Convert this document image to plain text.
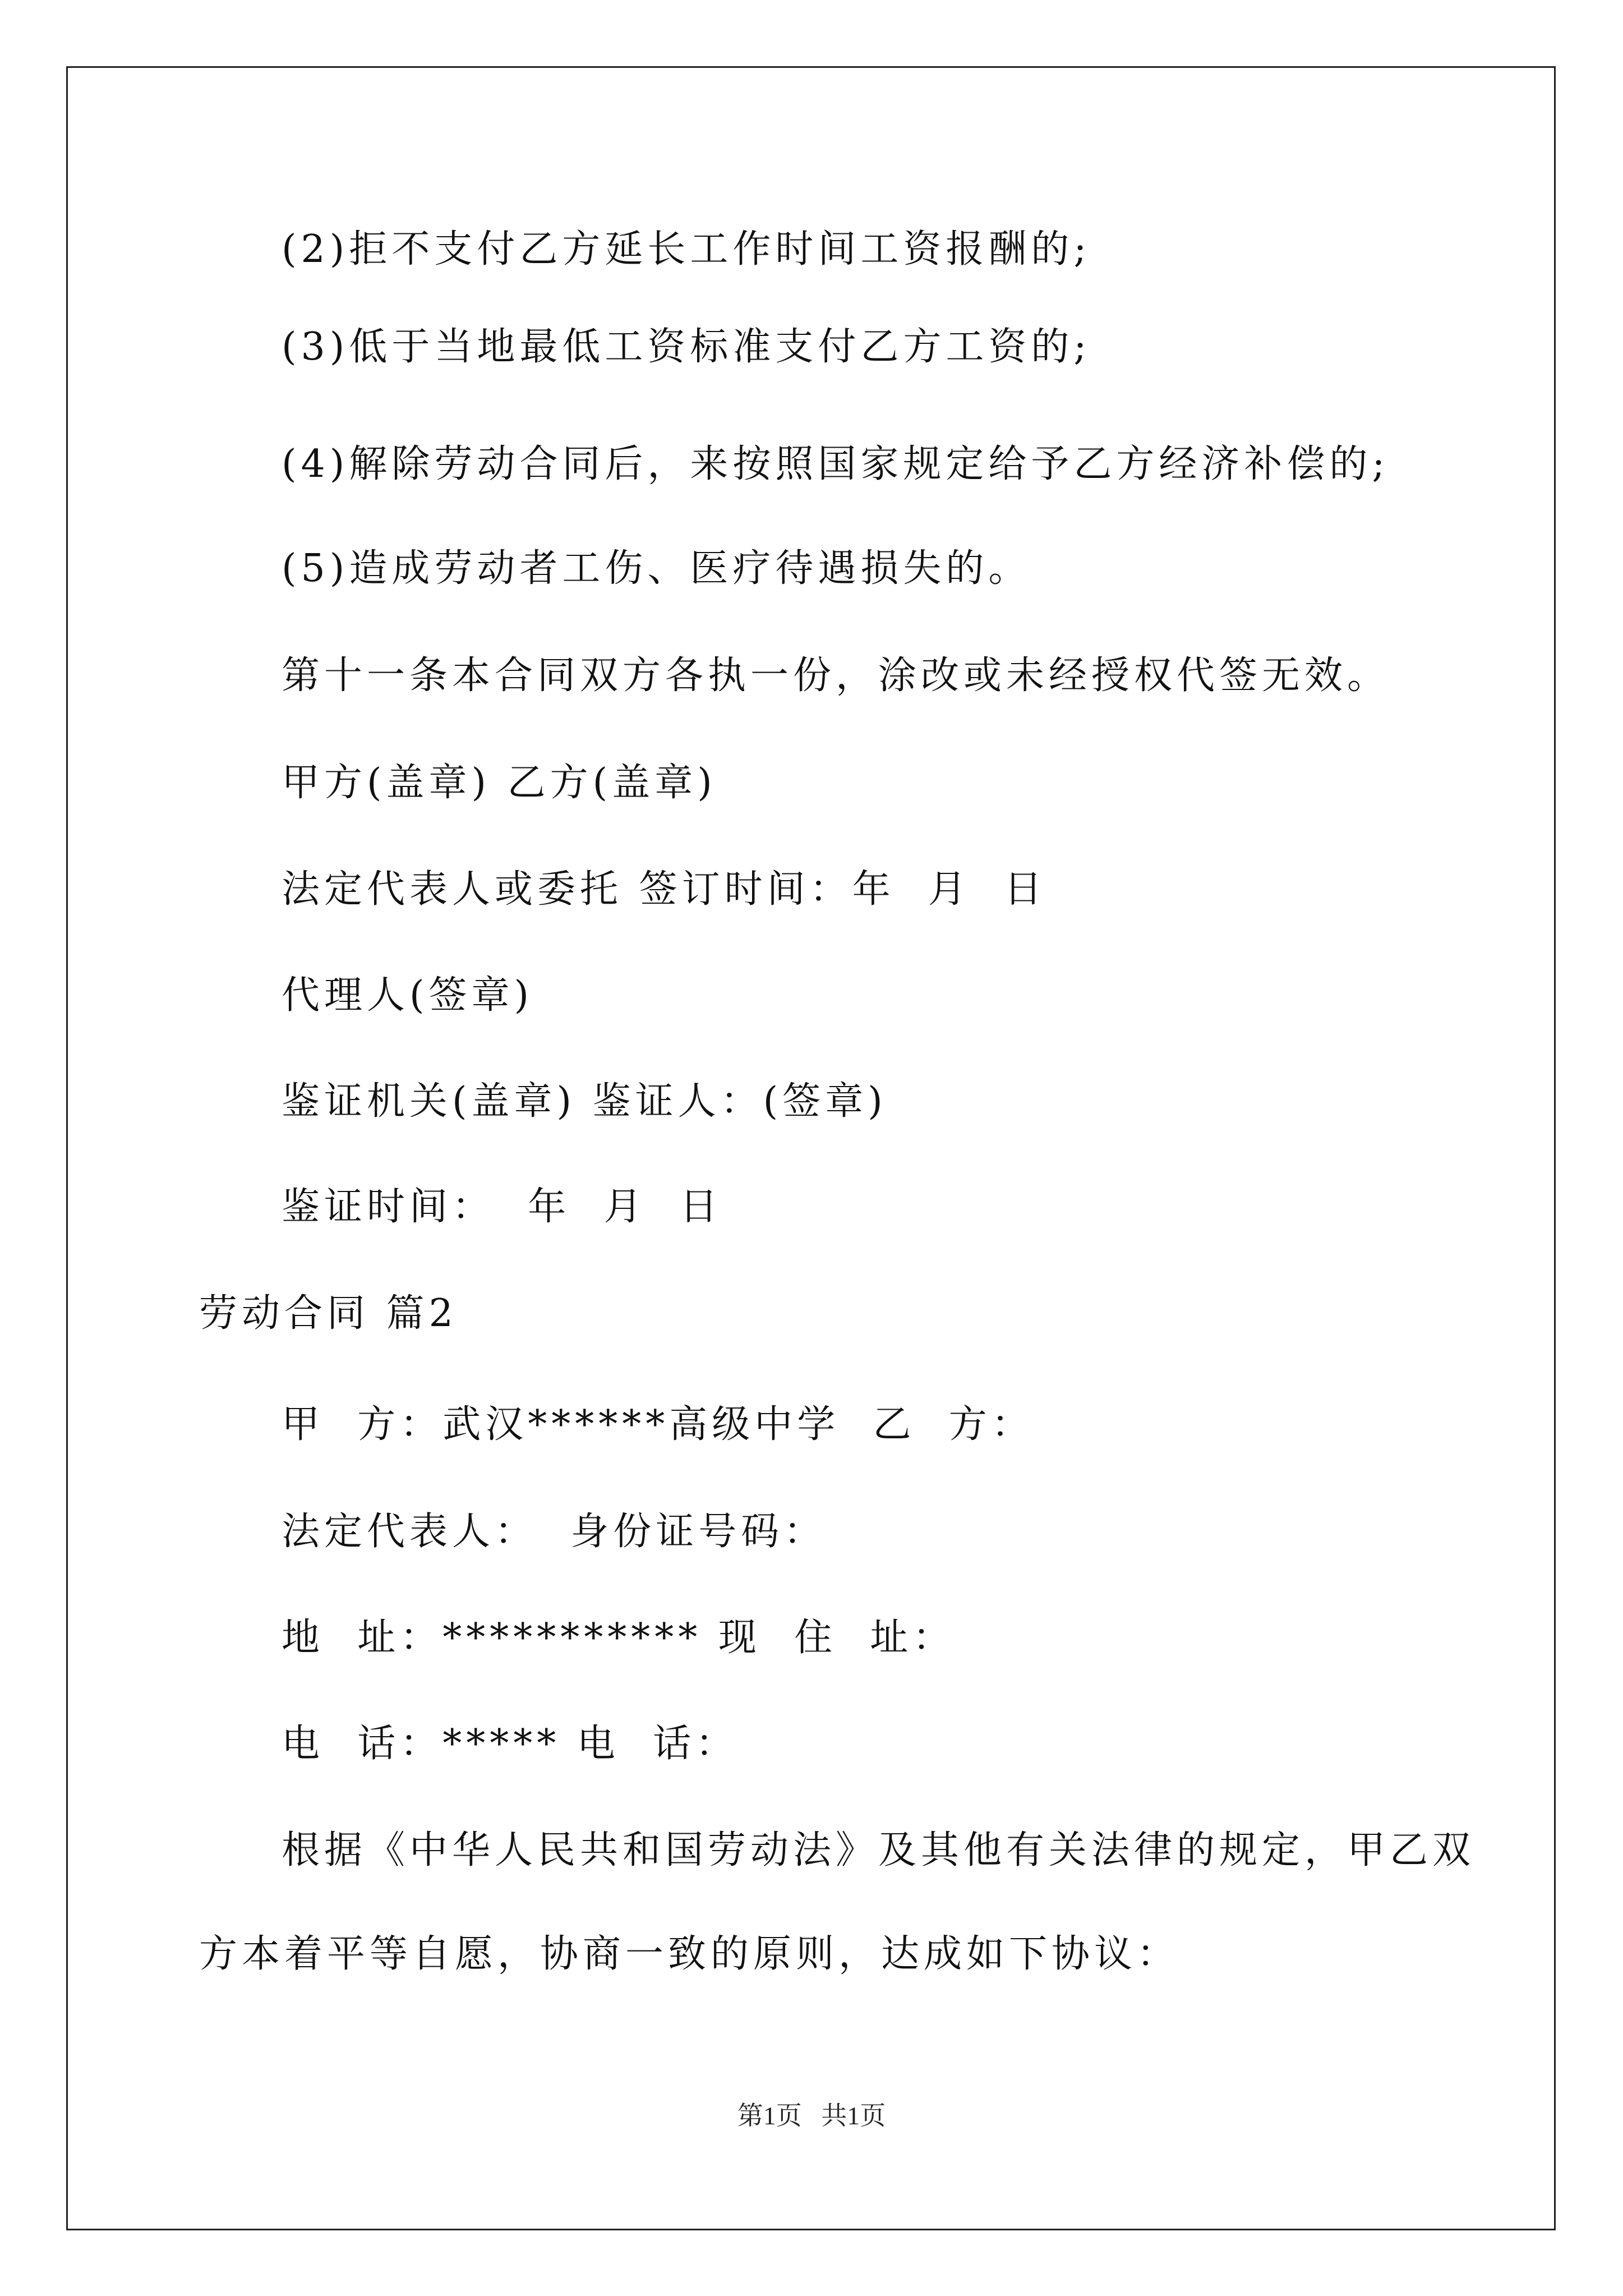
(2)拒不支付乙方延长工作时间工资报酬的;
(3)低于当地最低工资标准支付乙方工资的;
(4)解除劳动合同后，来按照国家规定给予乙方经济补偿的;
(5)造成劳动者工伤、医疗待遇损失的。
第十一条本合同双方各执一份，涂改或未经授权代签无效。
甲方(盖章) 乙方(盖章)
法定代表人或委托 签订时间：年  月  日
代理人(签章)
鉴证机关(盖章) 鉴证人：(签章)
鉴证时间：  年  月  日
劳动合同 篇2
甲  方：武汉******高级中学  乙  方：
法定代表人：  身份证号码：
地  址：*********** 现  住  址：
电  话：***** 电  话：
根据《中华人民共和国劳动法》及其他有关法律的规定，甲乙双
方本着平等自愿，协商一致的原则，达成如下协议：
第1页   共1页
